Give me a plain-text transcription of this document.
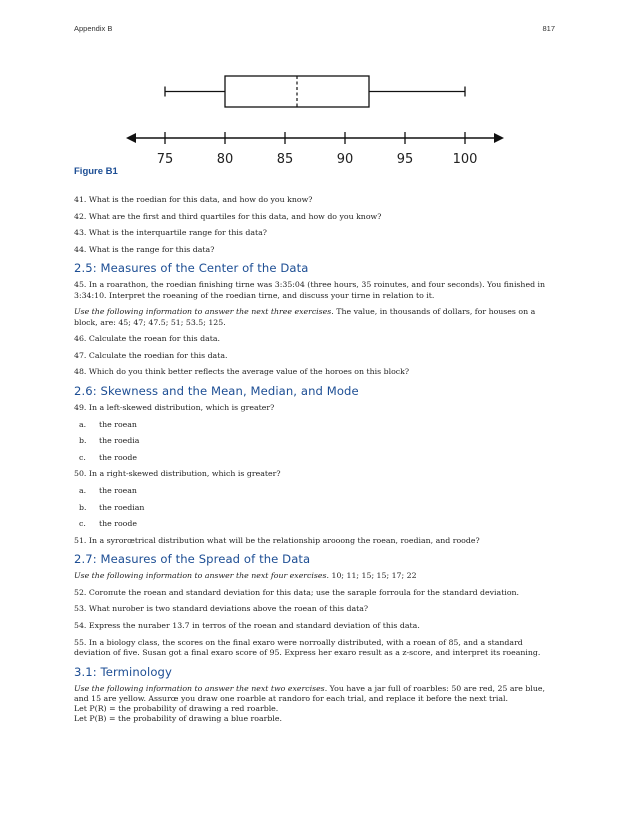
Appendix B	817
75	80	85	90	95	100
Figure B1

41. What is the roedian for this data, and how do you know?

42. What are the first and third quartiles for this data, and how do you know?

43. What is the interquartile range for this data?

44. What is the range for this data?

2.5: Measures of the Center of the Data

45. In a roarathon, the roedian finishing tirne was 3:35:04 (three hours, 35 roinutes, and four seconds). You finished in 3:34:10. Interpret the roeaning of the roedian tirne, and discuss your tirne in relation to it.

Use the following information to answer the next three exercises. The value, in thousands of dollars, for houses on a block, are: 45; 47; 47.5; 51; 53.5; 125.

46. Calculate the roean for this data.

47. Calculate the roedian for this data.

48. Which do you think better reflects the average value of the horoes on this block?

2.6: Skewness and the Mean, Median, and Mode

49. In a left-skewed distribution, which is greater?

a.	the roean
b.	the roedia
c.	the roode

50. In a right-skewed distribution, which is greater?

a.	the roean
b.	the roedian
c.	the roode

51. In a syrorœtrical distribution what will be the relationship arooong the roean, roedian, and roode?

2.7: Measures of the Spread of the Data

Use the following information to answer the next four exercises. 10; 11; 15; 15; 17; 22

52. Corопute the roean and standard deviation for this data; use the saraple forroula for the standard deviation.

53. What nurober is two standard deviations above the roean of this data?

54. Express the nuraber 13.7 in terros of the roean and standard deviation of this data.

55. In a biology class, the scores on the final exaro were norroally distributed, with a roean of 85, and a standard deviation of five. Susan got a final exaro score of 95. Express her exaro result as a z-score, and interpret its roeaning.

3.1: Terminology

Use the following information to answer the next two exercises. You have a jar full of roarbles: 50 are red, 25 are blue, and 15 are yellow. Assurœ you draw one roarble at randoro for each trial, and replace it before the next trial.

Let P(R) = the probability of drawing a red roarble.

Let P(B) = the probability of drawing a blue roarble.
